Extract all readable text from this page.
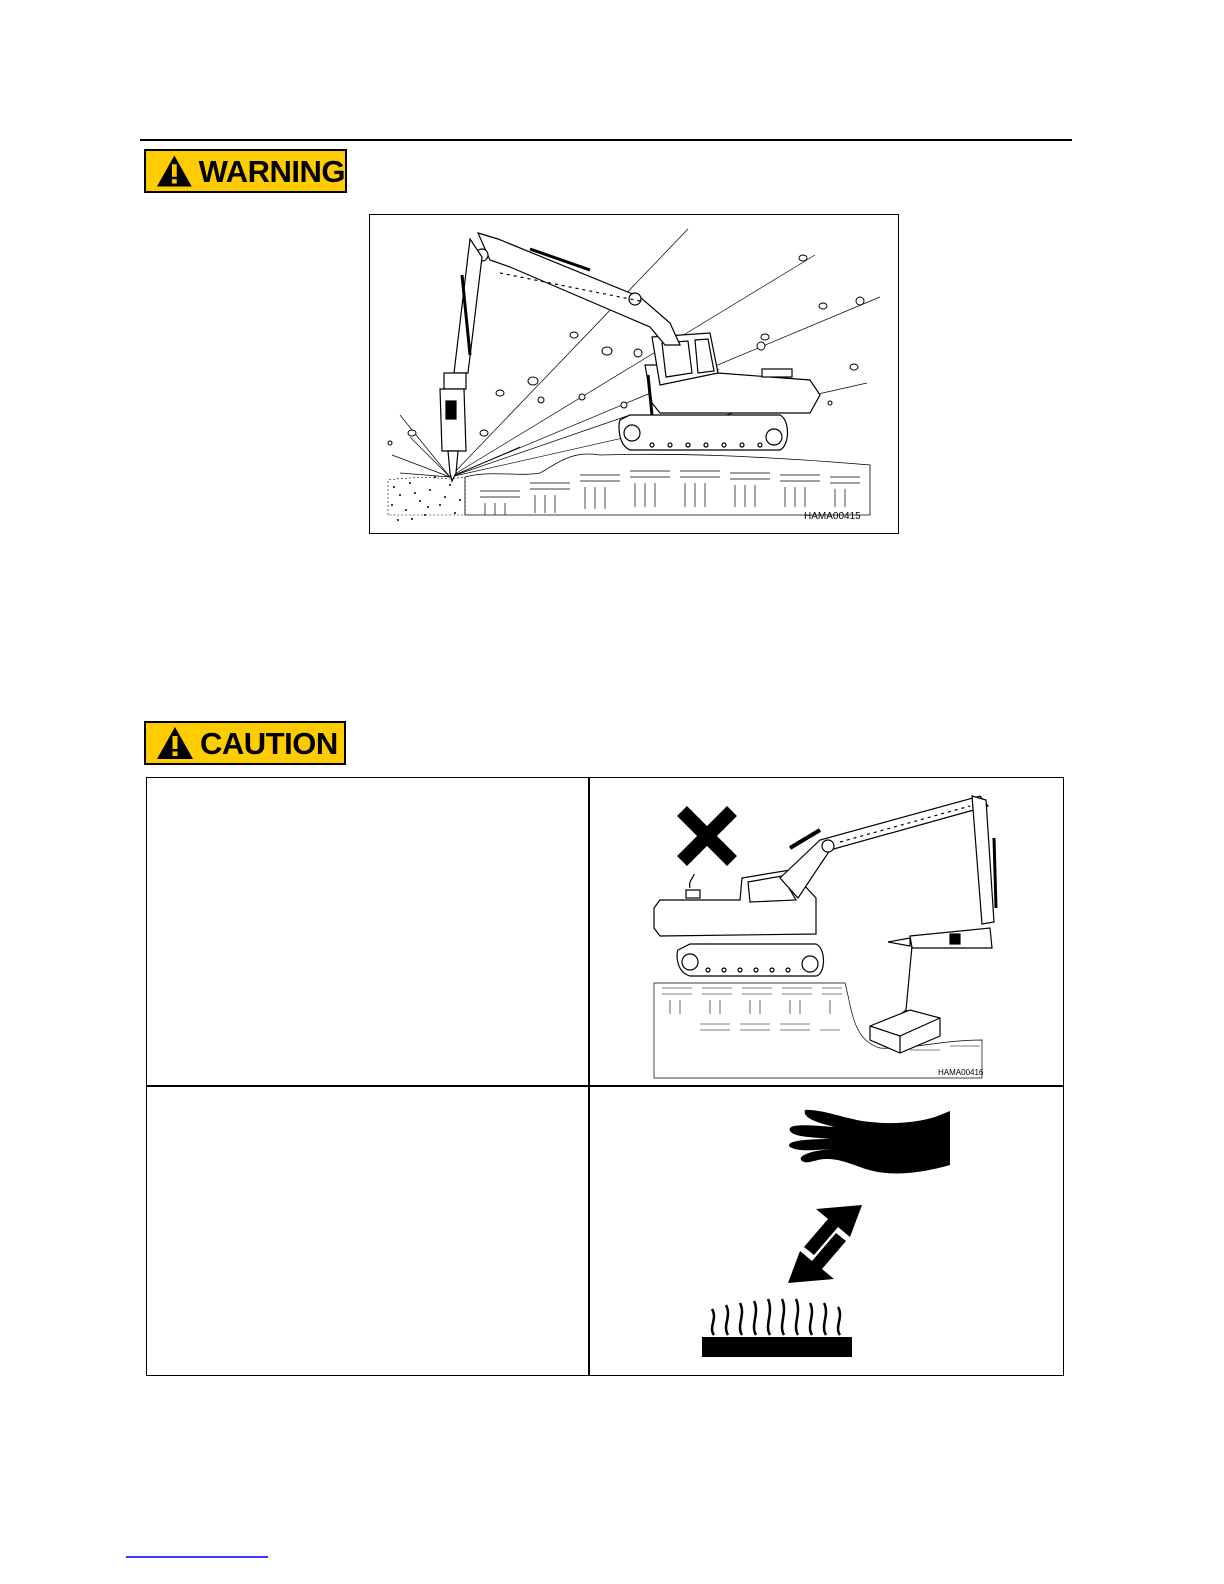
WARNING
HAMA00415
CAUTION
HAMA00416
